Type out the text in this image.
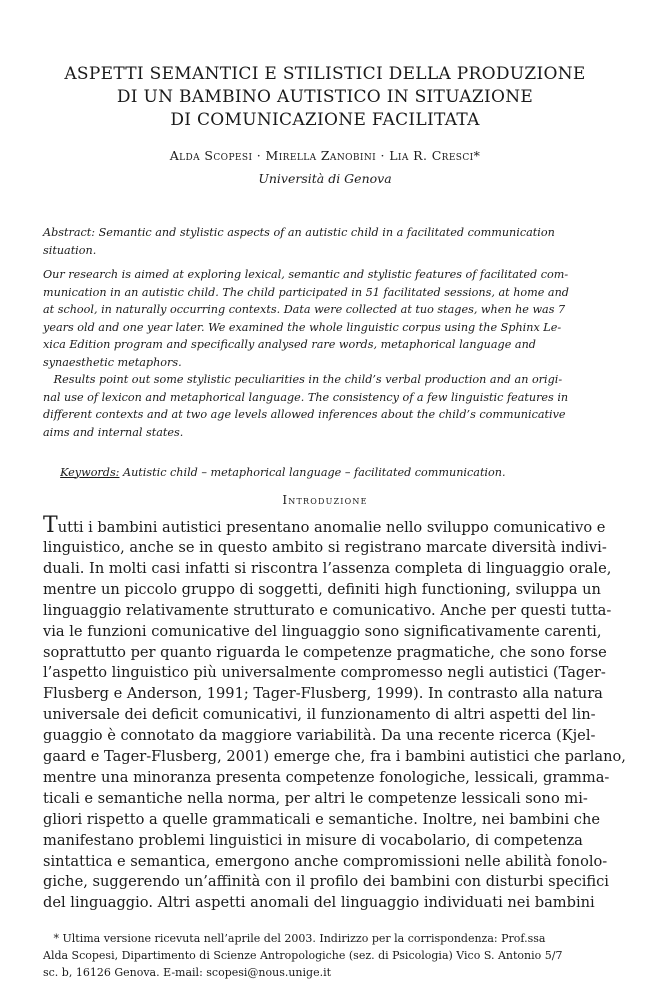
ASPETTI SEMANTICI E STILISTICI DELLA PRODUZIONE
DI UN BAMBINO AUTISTICO IN SITUAZIONE
DI COMUNICAZIONE FACILITATA
Alda Scopesi · Mirella Zanobini · Lia R. Cresci*
Università di Genova
Abstract: Semantic and stylistic aspects of an autistic child in a facilitated communication
situation.
Our research is aimed at exploring lexical, semantic and stylistic features of facilitated com-
munication in an autistic child. The child participated in 51 facilitated sessions, at home and
at school, in naturally occurring contexts. Data were collected at tuo stages, when he was 7
years old and one year later. We examined the whole linguistic corpus using the Sphinx Le-
xica Edition program and specifically analysed rare words, metaphorical language and
synaesthetic metaphors.
Results point out some stylistic peculiarities in the child’s verbal production and an origi-
nal use of lexicon and metaphorical language. The consistency of a few linguistic features in
different contexts and at two age levels allowed inferences about the child’s communicative
aims and internal states.

Keywords: Autistic child – metaphorical language – facilitated communication.

Introduzione
Tutti i bambini autistici presentano anomalie nello sviluppo comunicativo e
linguistico, anche se in questo ambito si registrano marcate diversità indivi-
duali. In molti casi infatti si riscontra l’assenza completa di linguaggio orale,
mentre un piccolo gruppo di soggetti, definiti high functioning, sviluppa un
linguaggio relativamente strutturato e comunicativo. Anche per questi tutta-
via le funzioni comunicative del linguaggio sono significativamente carenti,
soprattutto per quanto riguarda le competenze pragmatiche, che sono forse
l’aspetto linguistico più universalmente compromesso negli autistici (Tager-
Flusberg e Anderson, 1991; Tager-Flusberg, 1999). In contrasto alla natura
universale dei deficit comunicativi, il funzionamento di altri aspetti del lin-
guaggio è connotato da maggiore variabilità. Da una recente ricerca (Kjel-
gaard e Tager-Flusberg, 2001) emerge che, fra i bambini autistici che parlano,
mentre una minoranza presenta competenze fonologiche, lessicali, gramma-
ticali e semantiche nella norma, per altri le competenze lessicali sono mi-
gliori rispetto a quelle grammaticali e semantiche. Inoltre, nei bambini che
manifestano problemi linguistici in misure di vocabolario, di competenza
sintattica e semantica, emergono anche compromissioni nelle abilità fonolo-
giche, suggerendo un’affinità con il profilo dei bambini con disturbi specifici
del linguaggio. Altri aspetti anomali del linguaggio individuati nei bambini
* Ultima versione ricevuta nell’aprile del 2003. Indirizzo per la corrispondenza: Prof.ssa
Alda Scopesi, Dipartimento di Scienze Antropologiche (sez. di Psicologia) Vico S. Antonio 5/7
sc. b, 16126 Genova. E-mail: scopesi@nous.unige.it
